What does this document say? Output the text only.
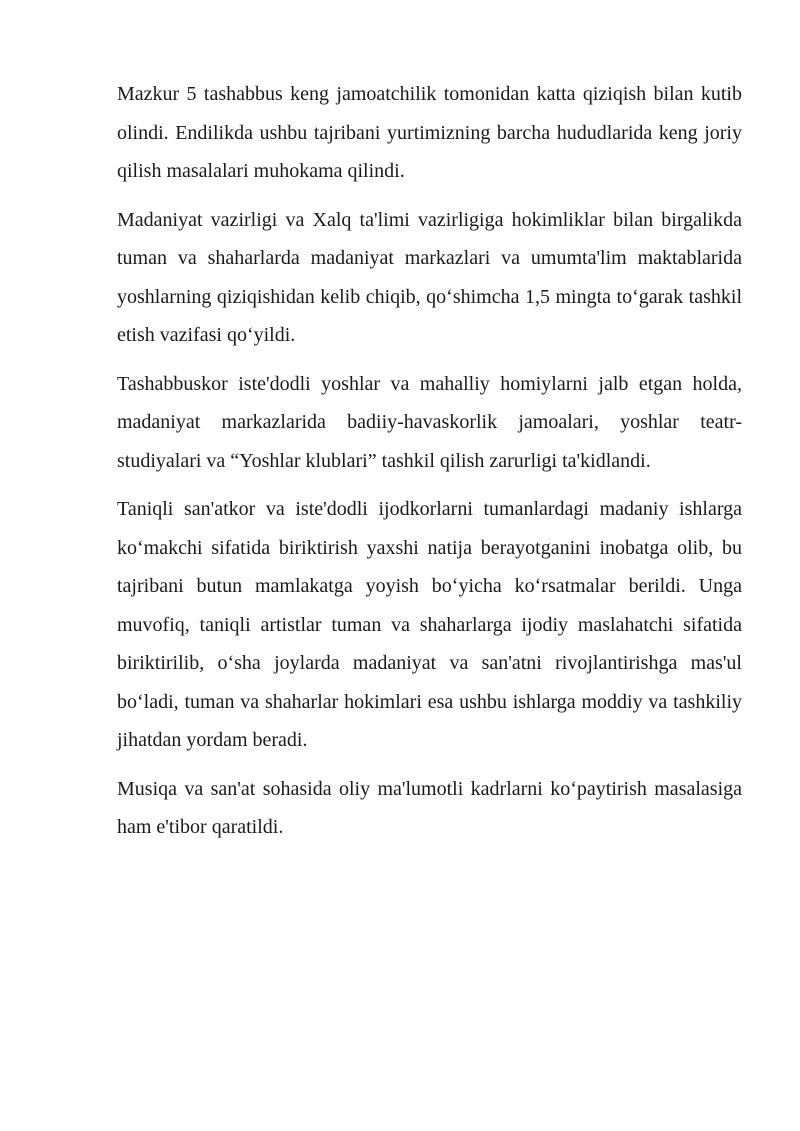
Mazkur 5 tashabbus keng jamoatchilik tomonidan katta qiziqish bilan kutib olindi. Endilikda ushbu tajribani yurtimizning barcha hududlarida keng joriy qilish masalalari muhokama qilindi.

Madaniyat vazirligi va Xalq ta'limi vazirligiga hokimliklar bilan birgalikda tuman va shaharlarda madaniyat markazlari va umumta'lim maktablarida yoshlarning qiziqishidan kelib chiqib, qo‘shimcha 1,5 mingta to‘garak tashkil etish vazifasi qo‘yildi.

Tashabbuskor iste'dodli yoshlar va mahalliy homiylarni jalb etgan holda, madaniyat markazlarida badiiy-havaskorlik jamoalari, yoshlar teatr-studiyalari va “Yoshlar klublari” tashkil qilish zarurligi ta'kidlandi.

Taniqli san'atkor va iste'dodli ijodkorlarni tumanlardagi madaniy ishlarga ko‘makchi sifatida biriktirish yaxshi natija berayotganini inobatga olib, bu tajribani butun mamlakatga yoyish bo‘yicha ko‘rsatmalar berildi. Unga muvofiq, taniqli artistlar tuman va shaharlarga ijodiy maslahatchi sifatida biriktirilib, o‘sha joylarda madaniyat va san'atni rivojlantirishga mas'ul bo‘ladi, tuman va shaharlar hokimlari esa ushbu ishlarga moddiy va tashkiliy jihatdan yordam beradi.

Musiqa va san'at sohasida oliy ma'lumotli kadrlarni ko‘paytirish masalasiga ham e'tibor qaratildi.
